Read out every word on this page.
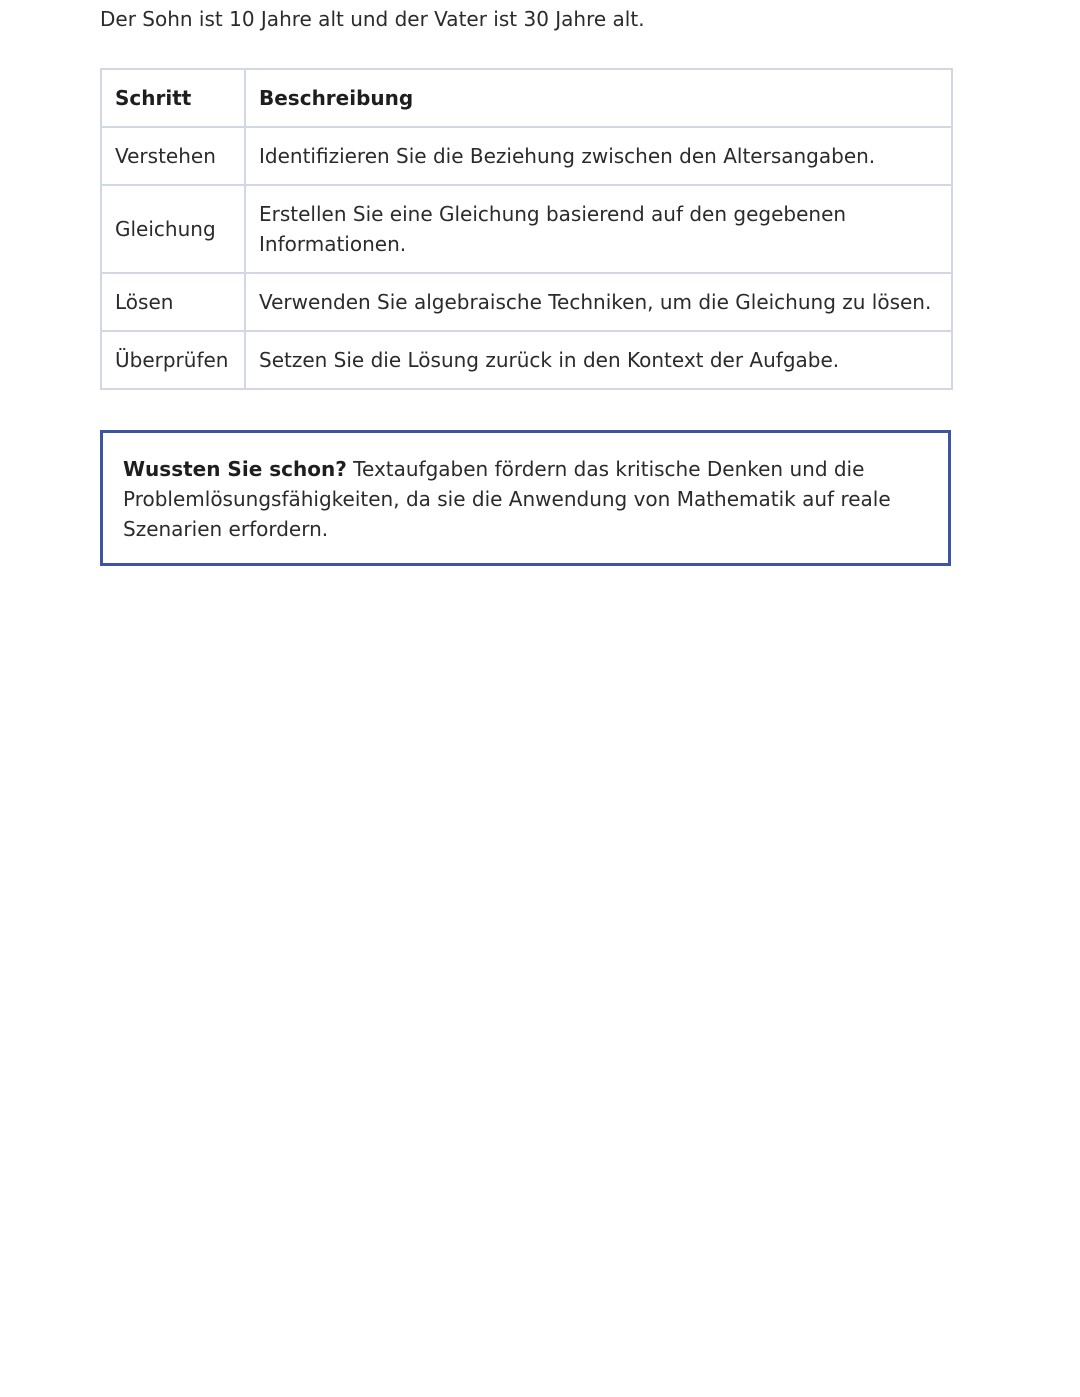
Der Sohn ist 10 Jahre alt und der Vater ist 30 Jahre alt.

Schritt	Beschreibung
Verstehen	Identifizieren Sie die Beziehung zwischen den Altersangaben.
Gleichung	Erstellen Sie eine Gleichung basierend auf den gegebenen Informationen.
Lösen	Verwenden Sie algebraische Techniken, um die Gleichung zu lösen.
Überprüfen	Setzen Sie die Lösung zurück in den Kontext der Aufgabe.
Wussten Sie schon? Textaufgaben fördern das kritische Denken und die Problemlösungsfähigkeiten, da sie die Anwendung von Mathematik auf reale Szenarien erfordern.
